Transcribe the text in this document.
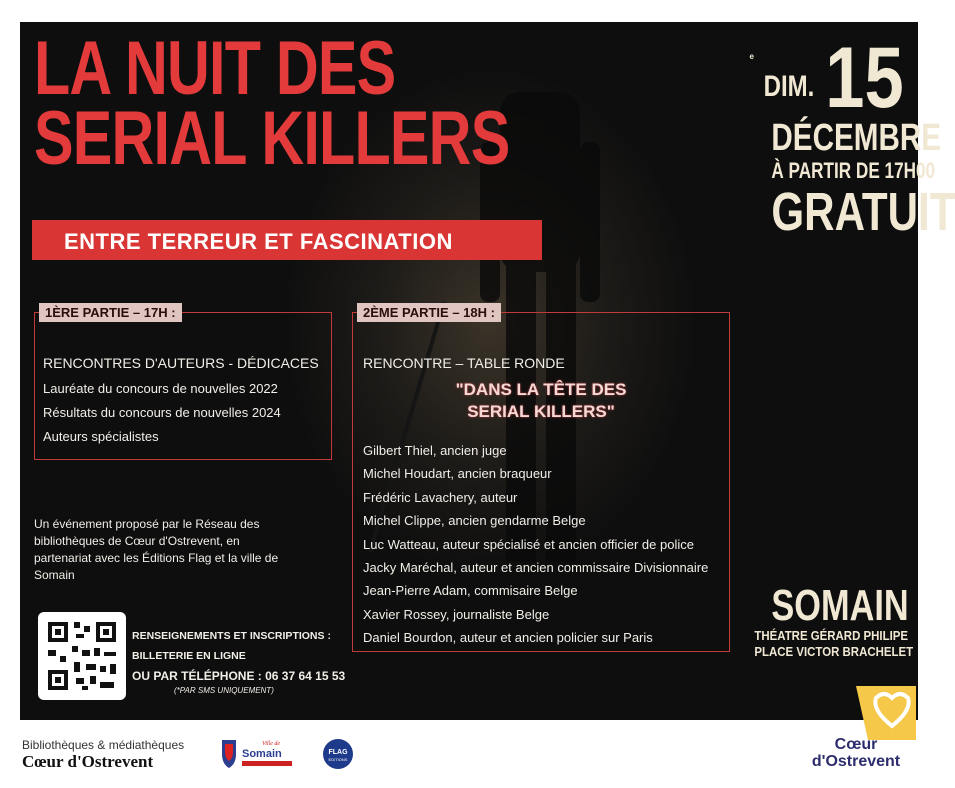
LA NUIT DES
SERIAL KILLERS
ENTRE TERREUR ET FASCINATION
e
DIM. 15
DÉCEMBRE
À PARTIR DE 17H00
GRATUIT
1ÈRE PARTIE – 17H :
RENCONTRES D'AUTEURS - DÉDICACES
Lauréate du concours de nouvelles 2022
Résultats du concours de nouvelles 2024
Auteurs spécialistes
2ÈME PARTIE – 18H :
RENCONTRE – TABLE RONDE
"DANS LA TÊTE DES
SERIAL KILLERS"
Gilbert Thiel, ancien juge
Michel Houdart, ancien braqueur
Frédéric Lavachery, auteur
Michel Clippe, ancien gendarme Belge
Luc Watteau, auteur spécialisé et ancien officier de police
Jacky Maréchal, auteur et ancien commissaire Divisionnaire
Jean-Pierre Adam, commisaire Belge
Xavier Rossey, journaliste Belge
Daniel Bourdon, auteur et ancien policier sur Paris
Un événement proposé par le Réseau des bibliothèques de Cœur d'Ostrevent, en partenariat avec les Éditions Flag et la ville de Somain
RENSEIGNEMENTS ET INSCRIPTIONS :
BILLETERIE EN LIGNE
OU PAR TÉLÉPHONE : 06 37 64 15 53
(*PAR SMS UNIQUEMENT)
SOMAIN
THÉATRE GÉRARD PHILIPE
PLACE VICTOR BRACHELET
Bibliothèques & médiathèques
Cœur d'Ostrevent
Ville de
Somain	FLAG
EDITIONS
Cœur
d'Ostrevent
